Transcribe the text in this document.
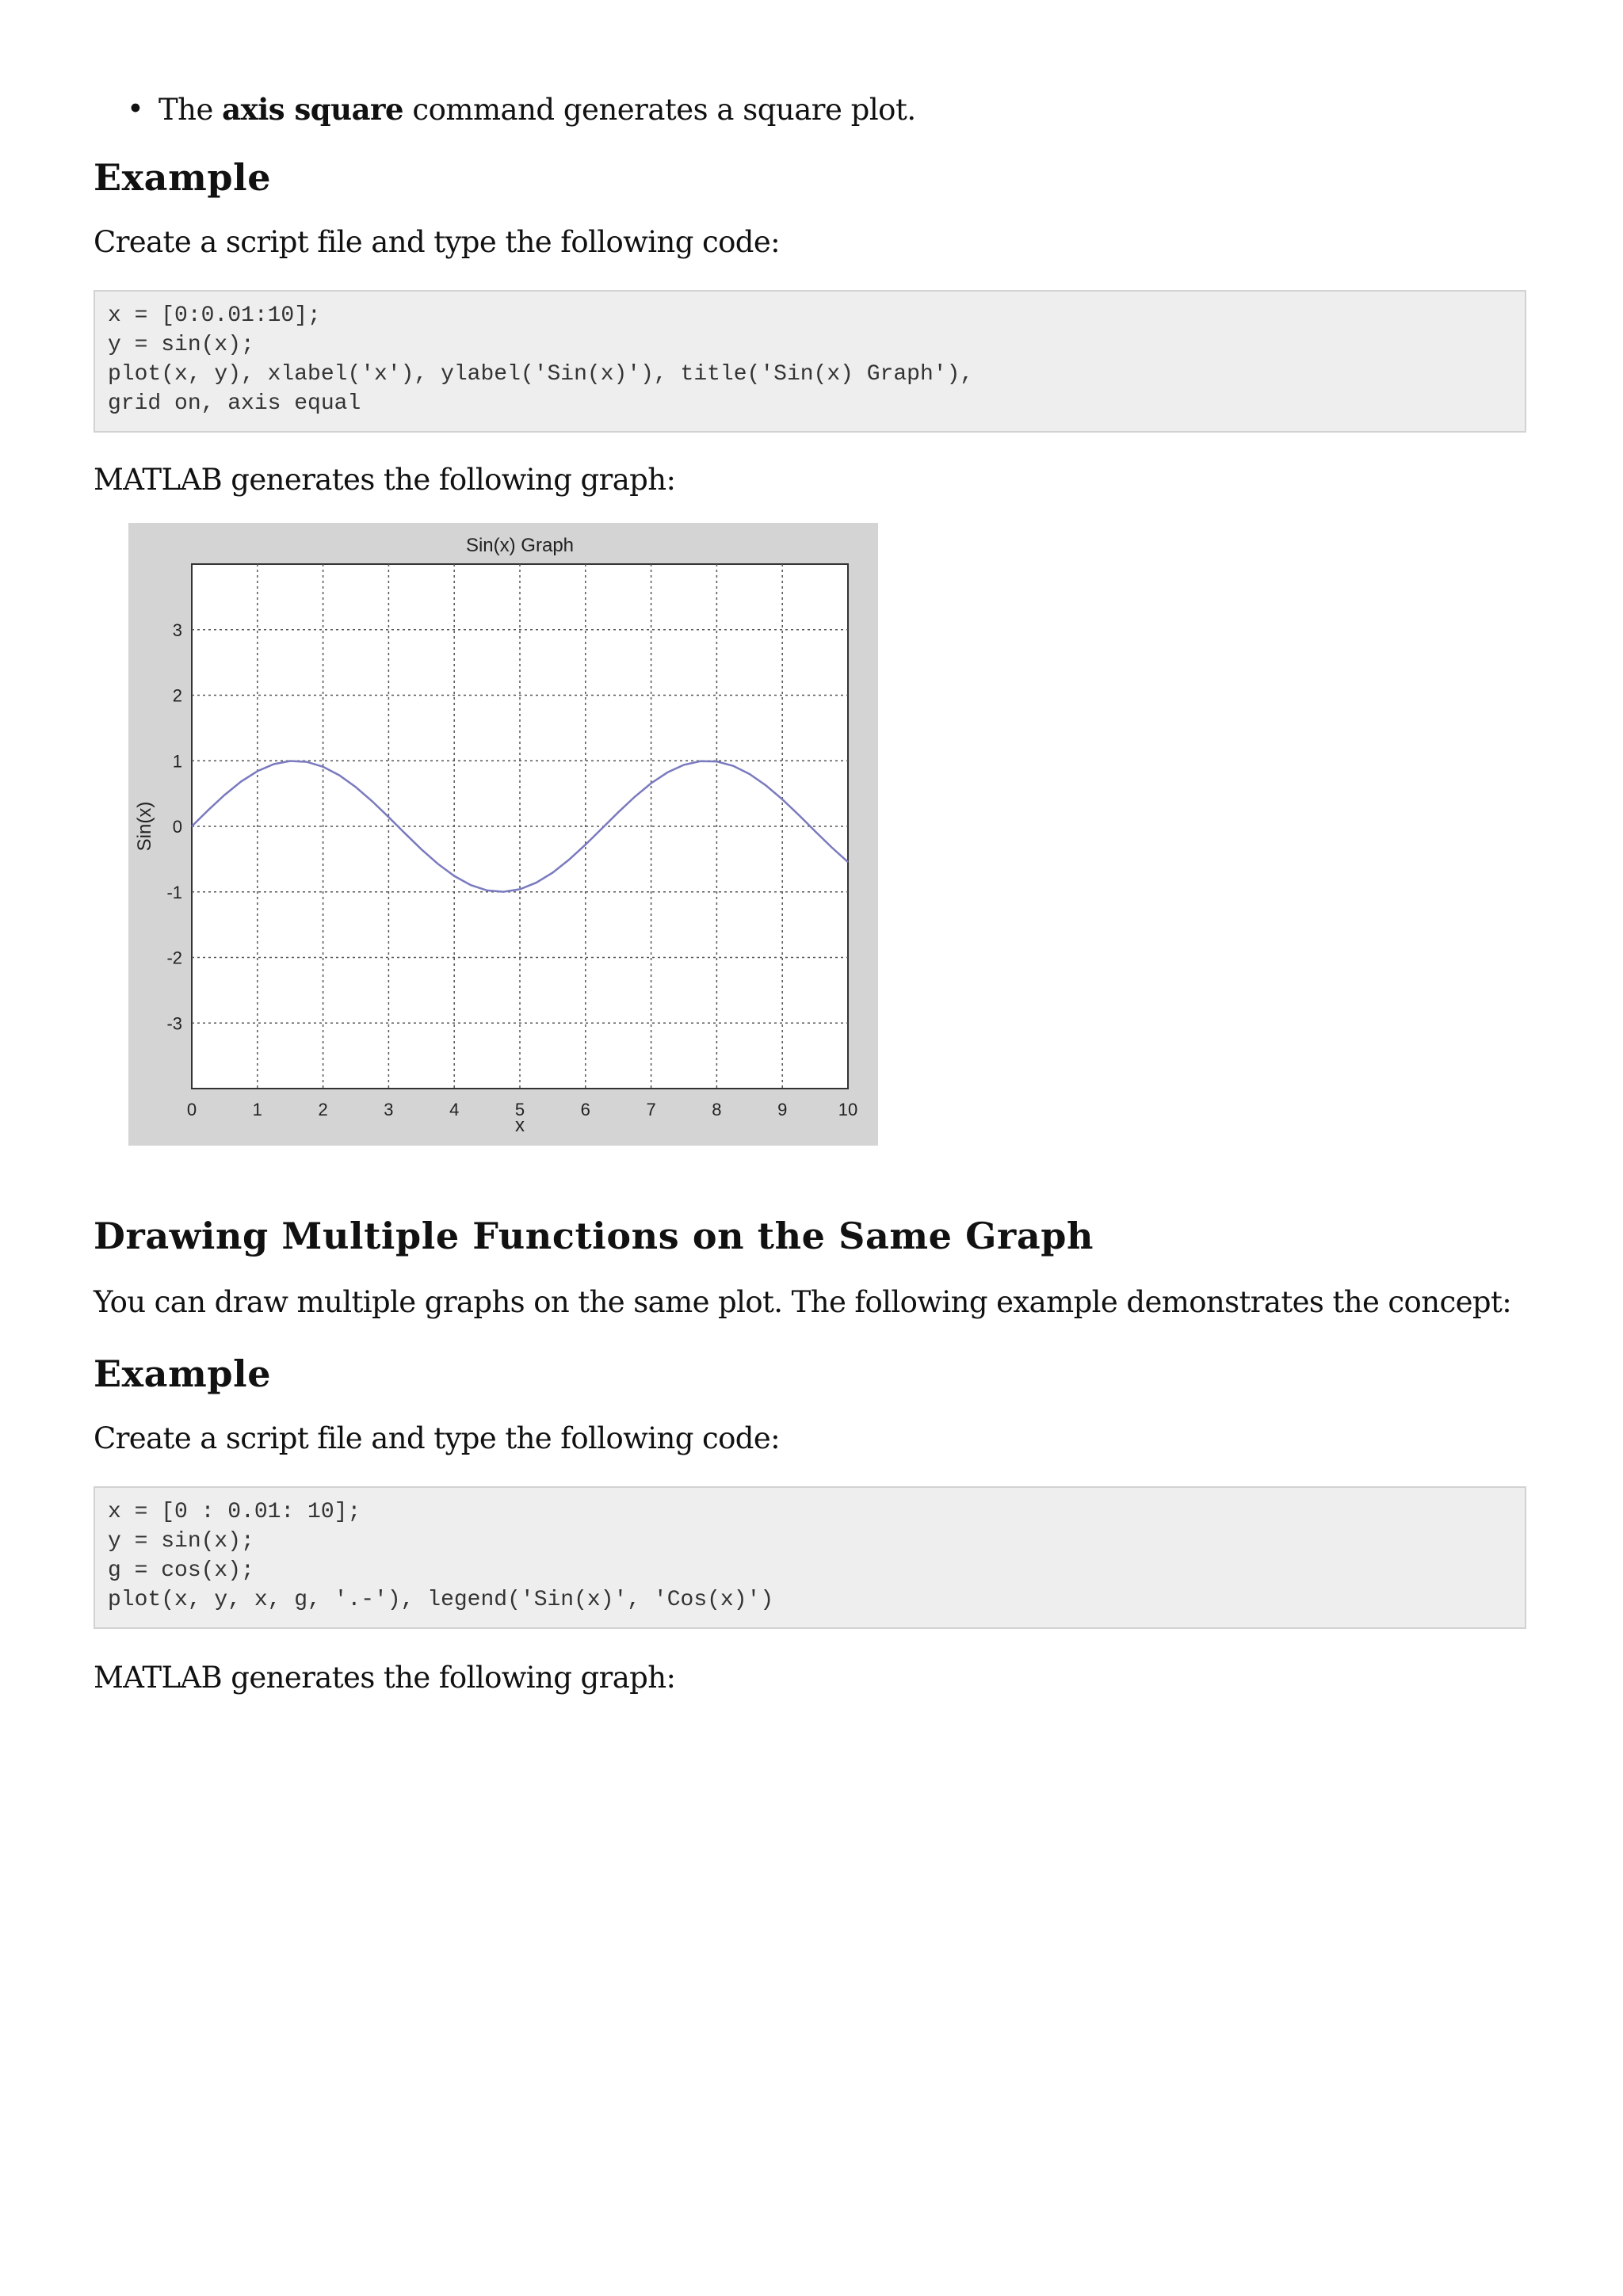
• The axis square command generates a square plot.
Example
Create a script file and type the following code:
x = [0:0.01:10];
y = sin(x);
plot(x, y), xlabel('x'), ylabel('Sin(x)'), title('Sin(x) Graph'),
grid on, axis equal
MATLAB generates the following graph:
0	1	2	3	4	5	6	7	8	9	10
3
2
1
0
-1
-2
-3
Sin(x) Graph
x
Sin(x)
Drawing Multiple Functions on the Same Graph
You can draw multiple graphs on the same plot. The following example demonstrates the concept:
Example
Create a script file and type the following code:
x = [0 : 0.01: 10];
y = sin(x);
g = cos(x);
plot(x, y, x, g, '.-'), legend('Sin(x)', 'Cos(x)')
MATLAB generates the following graph:
